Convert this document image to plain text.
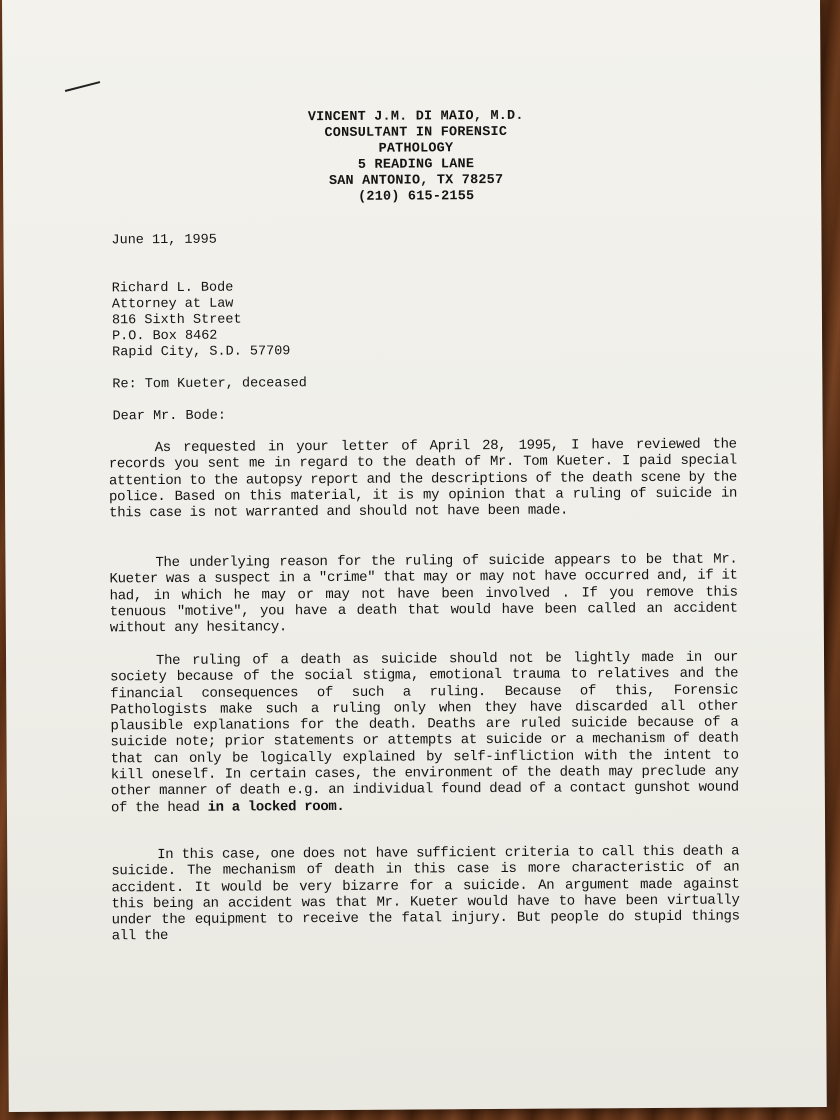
VINCENT J.M. DI MAIO, M.D.
CONSULTANT IN FORENSIC
PATHOLOGY
5 READING LANE
SAN ANTONIO, TX 78257
(210) 615-2155
June 11, 1995
Richard L. Bode
Attorney at Law
816 Sixth Street
P.O. Box 8462
Rapid City, S.D. 57709
Re: Tom Kueter, deceased
Dear Mr. Bode:

As requested in your letter of April 28, 1995, I have reviewed the records you sent me in regard to the death of Mr. Tom Kueter. I paid special attention to the autopsy report and the descriptions of the death scene by the police. Based on this material, it is my opinion that a ruling of suicide in this case is not warranted and should not have been made.

The underlying reason for the ruling of suicide appears to be that Mr. Kueter was a suspect in a "crime" that may or may not have occurred and, if it had, in which he may or may not have been involved . If you remove this tenuous "motive", you have a death that would have been called an accident without any hesitancy.

The ruling of a death as suicide should not be lightly made in our society because of the social stigma, emotional trauma to relatives and the financial consequences of such a ruling. Because of this, Forensic Pathologists make such a ruling only when they have discarded all other plausible explanations for the death. Deaths are ruled suicide because of a suicide note; prior statements or attempts at suicide or a mechanism of death that can only be logically explained by self-infliction with the intent to kill oneself. In certain cases, the environment of the death may preclude any other manner of death e.g. an individual found dead of a contact gunshot wound of the head in a locked room.

In this case, one does not have sufficient criteria to call this death a suicide. The mechanism of death in this case is more characteristic of an accident. It would be very bizarre for a suicide. An argument made against this being an accident was that Mr. Kueter would have to have been virtually under the equipment to receive the fatal injury. But people do stupid things all the
